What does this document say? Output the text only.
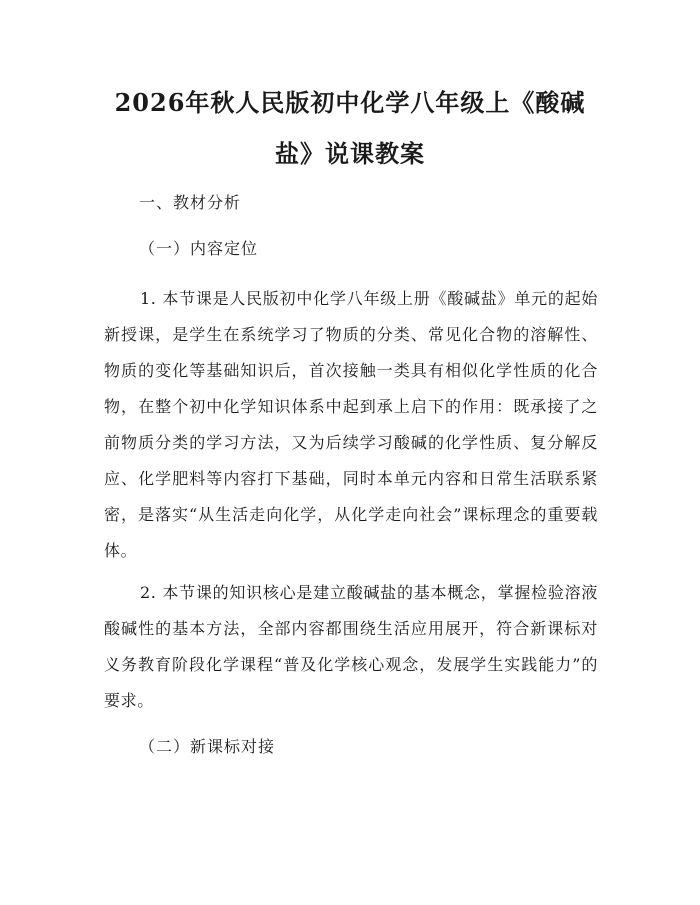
2026年秋人民版初中化学八年级上《酸碱盐》说课教案

一、教材分析

（一）内容定位

1. 本节课是人民版初中化学八年级上册《酸碱盐》单元的起始新授课，是学生在系统学习了物质的分类、常见化合物的溶解性、物质的变化等基础知识后，首次接触一类具有相似化学性质的化合物，在整个初中化学知识体系中起到承上启下的作用：既承接了之前物质分类的学习方法，又为后续学习酸碱的化学性质、复分解反应、化学肥料等内容打下基础，同时本单元内容和日常生活联系紧密，是落实“从生活走向化学，从化学走向社会”课标理念的重要载体。

2. 本节课的知识核心是建立酸碱盐的基本概念，掌握检验溶液酸碱性的基本方法，全部内容都围绕生活应用展开，符合新课标对义务教育阶段化学课程“普及化学核心观念，发展学生实践能力”的要求。

（二）新课标对接
